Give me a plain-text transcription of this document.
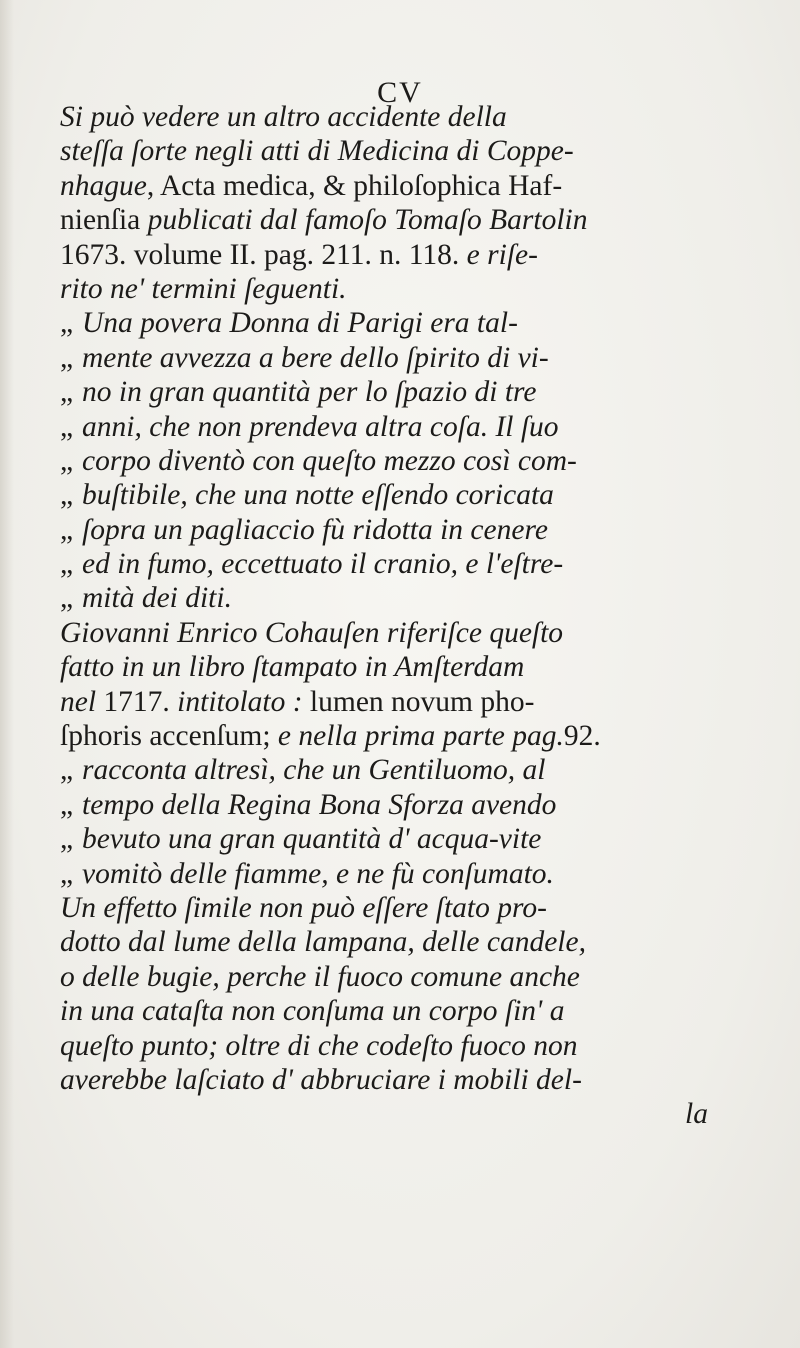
CV
Si può vedere un altro accidente della
steſſa ſorte negli atti di Medicina di Coppe-
nhague, Acta medica, & philoſophica Haf-
nienſia publicati dal famoſo Tomaſo Bartolin
1673. volume II. pag. 211. n. 118. e riſe-
rito ne' termini ſeguenti.
„Una povera Donna di Parigi era tal-
„mente avvezza a bere dello ſpirito di vi-
„no in gran quantità per lo ſpazio di tre
„anni, che non prendeva altra coſa. Il ſuo
„corpo diventò con queſto mezzo così com-
„buſtibile, che una notte eſſendo coricata
„ſopra un pagliaccio fù ridotta in cenere
„ed in fumo, eccettuato il cranio, e l'eſtre-
„mità dei diti.
Giovanni Enrico Cohauſen riferiſce queſto
fatto in un libro ſtampato in Amſterdam
nel 1717. intitolato : lumen novum pho-
ſphoris accenſum; e nella prima parte pag.92.
„racconta altresì, che un Gentiluomo, al
„tempo della Regina Bona Sforza avendo
„bevuto una gran quantità d' acqua-vite
„vomitò delle fiamme, e ne fù conſumato.
Un effetto ſimile non può eſſere ſtato pro-
dotto dal lume della lampana, delle candele,
o delle bugie, perche il fuoco comune anche
in una cataſta non conſuma un corpo ſin' a
queſto punto; oltre di che codeſto fuoco non
averebbe laſciato d' abbruciare i mobili del-
la
